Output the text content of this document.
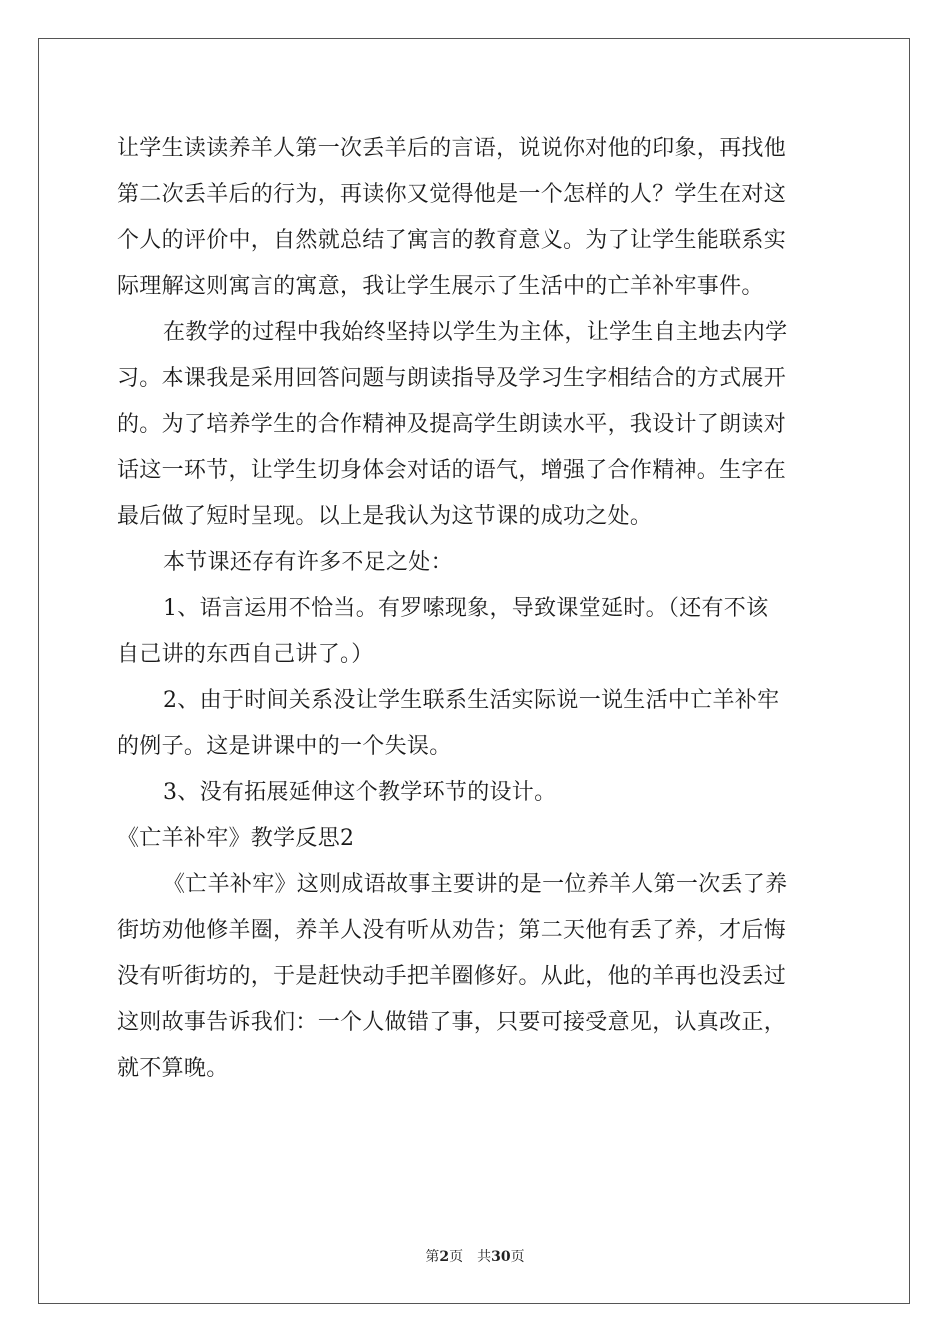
让学生读读养羊人第一次丢羊后的言语，说说你对他的印象，再找他
第二次丢羊后的行为，再读你又觉得他是一个怎样的人？学生在对这
个人的评价中，自然就总结了寓言的教育意义。为了让学生能联系实
际理解这则寓言的寓意，我让学生展示了生活中的亡羊补牢事件。
在教学的过程中我始终坚持以学生为主体，让学生自主地去内学
习。本课我是采用回答问题与朗读指导及学习生字相结合的方式展开
的。为了培养学生的合作精神及提高学生朗读水平，我设计了朗读对
话这一环节，让学生切身体会对话的语气，增强了合作精神。生字在
最后做了短时呈现。以上是我认为这节课的成功之处。
本节课还存有许多不足之处：
1、语言运用不恰当。有罗嗦现象，导致课堂延时。（还有不该
自己讲的东西自己讲了。）
2、由于时间关系没让学生联系生活实际说一说生活中亡羊补牢
的例子。这是讲课中的一个失误。
3、没有拓展延伸这个教学环节的设计。
《亡羊补牢》教学反思2
《亡羊补牢》这则成语故事主要讲的是一位养羊人第一次丢了养
街坊劝他修羊圈，养羊人没有听从劝告；第二天他有丢了养，才后悔
没有听街坊的，于是赶快动手把羊圈修好。从此，他的羊再也没丢过
这则故事告诉我们：一个人做错了事，只要可接受意见，认真改正，
就不算晚。
第2页 共30页
